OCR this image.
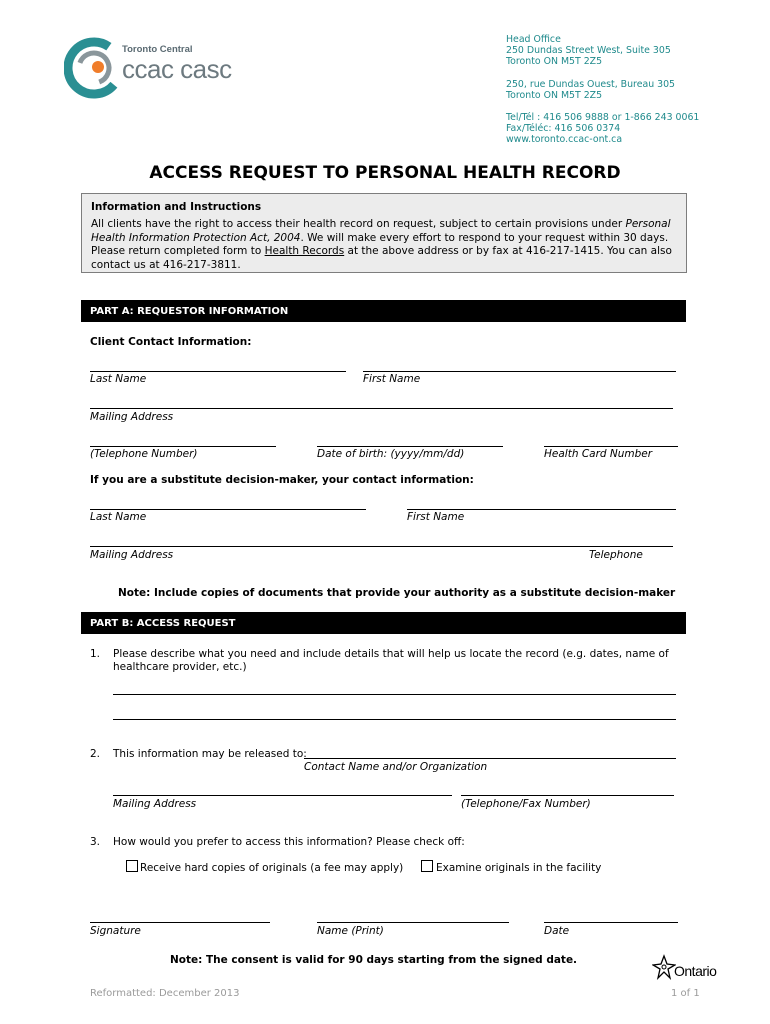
Toronto Central
ccac casc
Head Office
250 Dundas Street West, Suite 305
Toronto ON M5T 2Z5
250, rue Dundas Ouest, Bureau 305
Toronto ON M5T 2Z5
Tel/Tél : 416 506 9888 or 1-866 243 0061
Fax/Téléc: 416 506 0374
www.toronto.ccac-ont.ca
ACCESS REQUEST TO PERSONAL HEALTH RECORD
Information and Instructions
All clients have the right to access their health record on request, subject to certain provisions under Personal Health Information Protection Act, 2004. We will make every effort to respond to your request within 30 days. Please return completed form to Health Records at the above address or by fax at 416-217-1415. You can also contact us at 416-217-3811.
PART A: REQUESTOR INFORMATION
Client Contact Information:
Last Name	First Name
Mailing Address
(Telephone Number)	Date of birth: (yyyy/mm/dd)	Health Card Number
If you are a substitute decision-maker, your contact information:
Last Name	First Name
Mailing Address	Telephone
Note: Include copies of documents that provide your authority as a substitute decision-maker
PART B: ACCESS REQUEST
1. Please describe what you need and include details that will help us locate the record (e.g. dates, name of healthcare provider, etc.)
2. This information may be released to:
Contact Name and/or Organization
Mailing Address	(Telephone/Fax Number)
3. How would you prefer to access this information? Please check off:
Receive hard copies of originals (a fee may apply)	Examine originals in the facility
Signature	Name (Print)	Date
Note: The consent is valid for 90 days starting from the signed date.
Ontario
Reformatted: December 2013	1 of 1
